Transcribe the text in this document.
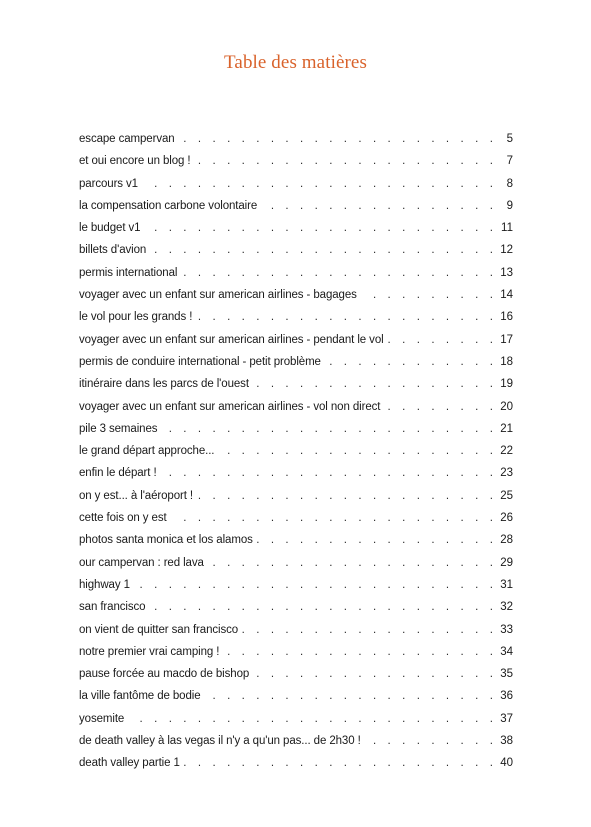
Table des matières
escape campervan . . .	5
et oui encore un blog ! . . .	7
parcours v1 . . .	8
la compensation carbone volontaire . . .	9
le budget v1 . . .	11
billets d'avion . . .	12
permis international . . .	13
voyager avec un enfant sur american airlines - bagages . . .	14
le vol pour les grands ! . . .	16
voyager avec un enfant sur american airlines - pendant le vol . . .	17
permis de conduire international - petit problème . . .	18
itinéraire dans les parcs de l'ouest . . .	19
voyager avec un enfant sur american airlines - vol non direct . . .	20
pile 3 semaines . . .	21
le grand départ approche... . . .	22
enfin le départ ! . . .	23
on y est... à l'aéroport ! . . .	25
cette fois on y est . . .	26
photos santa monica et los alamos . . .	28
our campervan : red lava . . .	29
highway 1 . . .	31
san francisco . . .	32
on vient de quitter san francisco . . .	33
notre premier vrai camping ! . . .	34
pause forcée au macdo de bishop . . .	35
la ville fantôme de bodie . . .	36
yosemite . . .	37
de death valley à las vegas il n'y a qu'un pas... de 2h30 ! . . .	38
death valley partie 1 . . .	40
